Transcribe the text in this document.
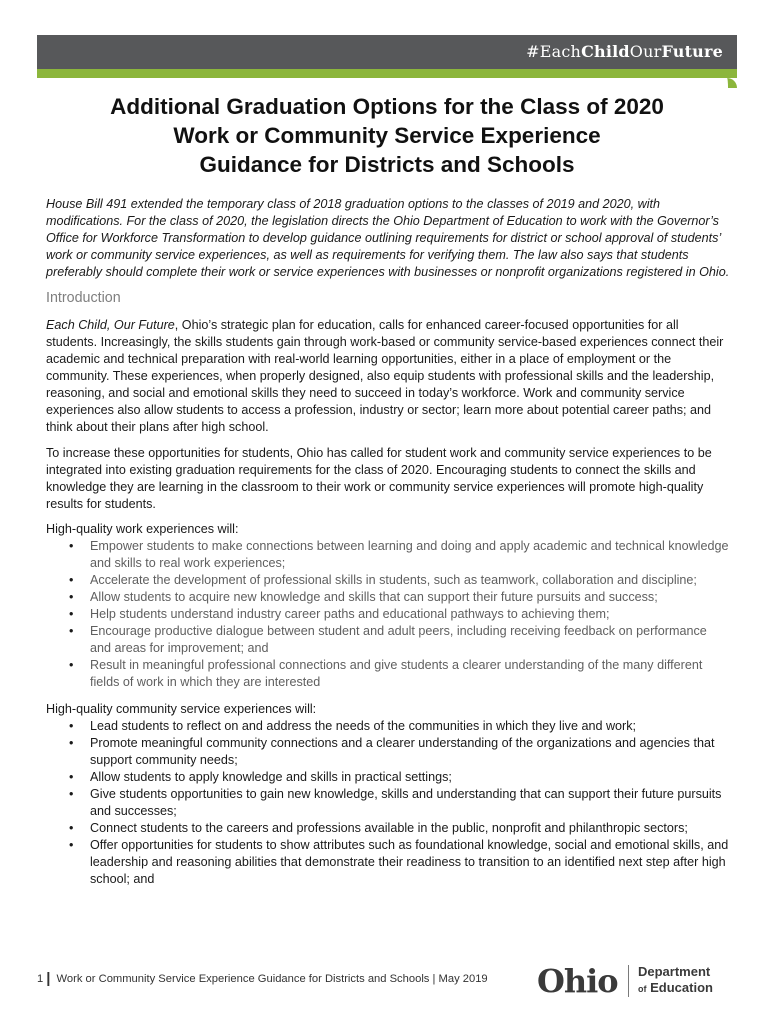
#EachChildOurFuture
Additional Graduation Options for the Class of 2020
Work or Community Service Experience
Guidance for Districts and Schools

House Bill 491 extended the temporary class of 2018 graduation options to the classes of 2019 and 2020, with modifications. For the class of 2020, the legislation directs the Ohio Department of Education to work with the Governor’s Office for Workforce Transformation to develop guidance outlining requirements for district or school approval of students’ work or community service experiences, as well as requirements for verifying them. The law also says that students preferably should complete their work or service experiences with businesses or nonprofit organizations registered in Ohio.

Introduction

Each Child, Our Future, Ohio’s strategic plan for education, calls for enhanced career-focused opportunities for all students. Increasingly, the skills students gain through work-based or community service-based experiences connect their academic and technical preparation with real-world learning opportunities, either in a place of employment or the community. These experiences, when properly designed, also equip students with professional skills and the leadership, reasoning, and social and emotional skills they need to succeed in today’s workforce. Work and community service experiences also allow students to access a profession, industry or sector; learn more about potential career paths; and think about their plans after high school.

To increase these opportunities for students, Ohio has called for student work and community service experiences to be integrated into existing graduation requirements for the class of 2020. Encouraging students to connect the skills and knowledge they are learning in the classroom to their work or community service experiences will promote high-quality results for students.

High-quality work experiences will:

• Empower students to make connections between learning and doing and apply academic and technical knowledge and skills to real work experiences;
• Accelerate the development of professional skills in students, such as teamwork, collaboration and discipline;
• Allow students to acquire new knowledge and skills that can support their future pursuits and success;
• Help students understand industry career paths and educational pathways to achieving them;
• Encourage productive dialogue between student and adult peers, including receiving feedback on performance and areas for improvement; and
• Result in meaningful professional connections and give students a clearer understanding of the many different fields of work in which they are interested

High-quality community service experiences will:

• Lead students to reflect on and address the needs of the communities in which they live and work;
• Promote meaningful community connections and a clearer understanding of the organizations and agencies that support community needs;
• Allow students to apply knowledge and skills in practical settings;
• Give students opportunities to gain new knowledge, skills and understanding that can support their future pursuits and successes;
• Connect students to the careers and professions available in the public, nonprofit and philanthropic sectors;
• Offer opportunities for students to show attributes such as foundational knowledge, social and emotional skills, and leadership and reasoning abilities that demonstrate their readiness to transition to an identified next step after high school; and
1 | Work or Community Service Experience Guidance for Districts and Schools | May 2019 Ohio Department
of Education
